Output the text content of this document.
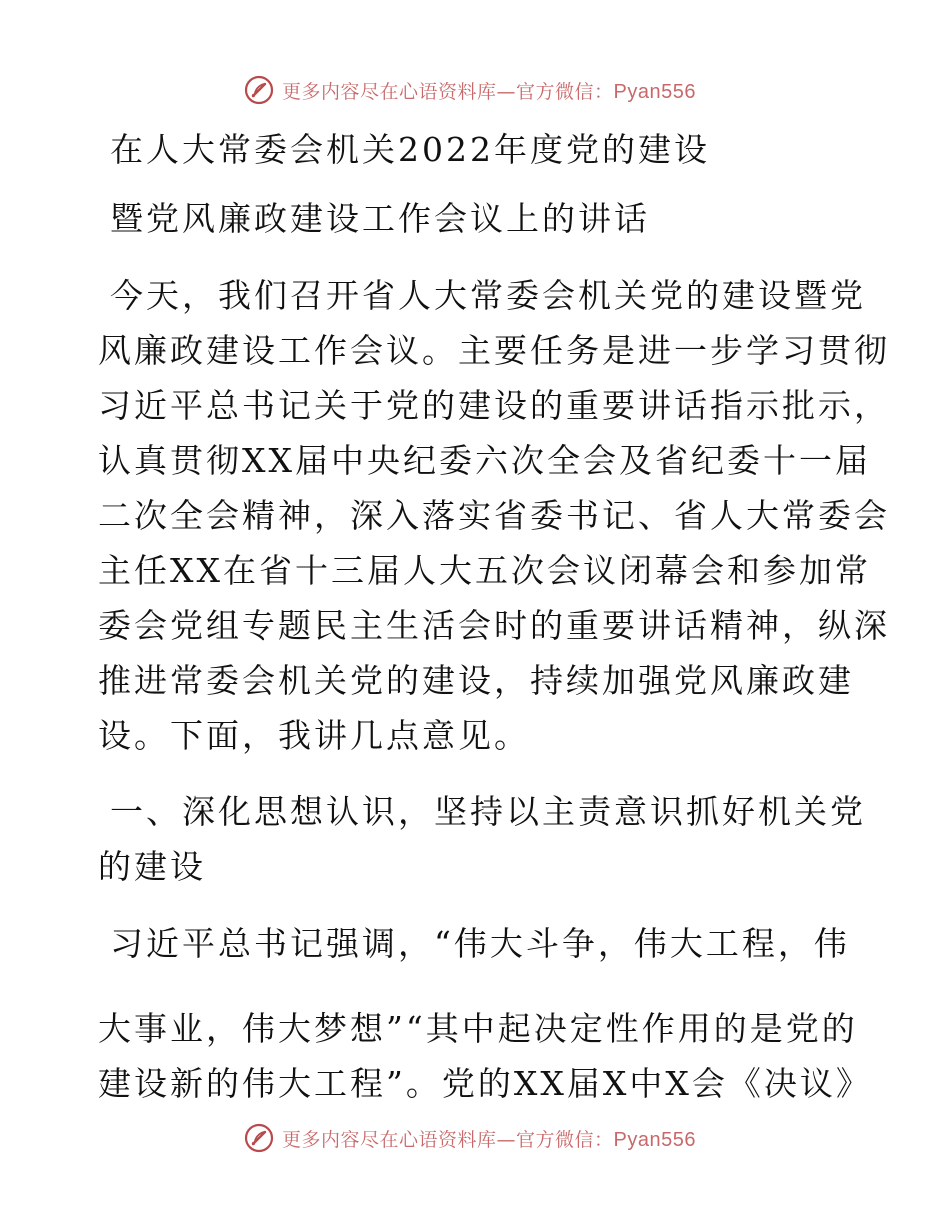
更多内容尽在心语资料库—官方微信：Pyan556
在人大常委会机关2022年度党的建设
暨党风廉政建设工作会议上的讲话
今天，我们召开省人大常委会机关党的建设暨党
风廉政建设工作会议。主要任务是进一步学习贯彻
习近平总书记关于党的建设的重要讲话指示批示，
认真贯彻XX届中央纪委六次全会及省纪委十一届
二次全会精神，深入落实省委书记、省人大常委会
主任XX在省十三届人大五次会议闭幕会和参加常
委会党组专题民主生活会时的重要讲话精神，纵深
推进常委会机关党的建设，持续加强党风廉政建
设。下面，我讲几点意见。
一、深化思想认识，坚持以主责意识抓好机关党
的建设
习近平总书记强调，“伟大斗争，伟大工程，伟
大事业，伟大梦想”“其中起决定性作用的是党的
建设新的伟大工程”。党的XX届X中X会《决议》
更多内容尽在心语资料库—官方微信：Pyan556
